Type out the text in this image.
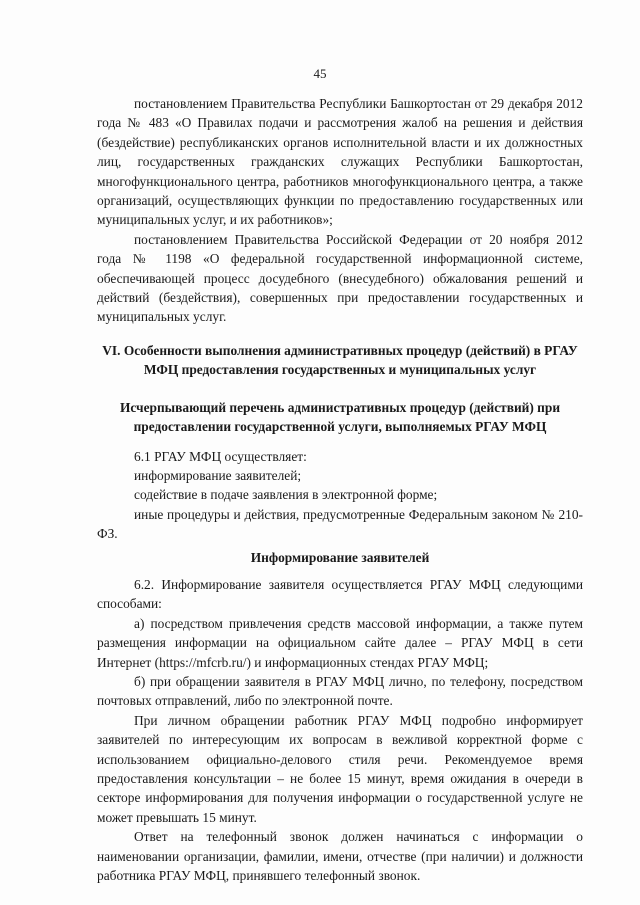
45

постановлением Правительства Республики Башкортостан от 29 декабря 2012 года № 483 «О Правилах подачи и рассмотрения жалоб на решения и действия (бездействие) республиканских органов исполнительной власти и их должностных лиц, государственных гражданских служащих Республики Башкортостан, многофункционального центра, работников многофункционального центра, а также организаций, осуществляющих функции по предоставлению государственных или муниципальных услуг, и их работников»;

постановлением Правительства Российской Федерации от 20 ноября 2012 года № 1198 «О федеральной государственной информационной системе, обеспечивающей процесс досудебного (внесудебного) обжалования решений и действий (бездействия), совершенных при предоставлении государственных и муниципальных услуг.

VI. Особенности выполнения административных процедур (действий) в РГАУ МФЦ предоставления государственных и муниципальных услуг

Исчерпывающий перечень административных процедур (действий) при предоставлении государственной услуги, выполняемых РГАУ МФЦ

6.1 РГАУ МФЦ осуществляет:

информирование заявителей;

содействие в подаче заявления в электронной форме;

иные процедуры и действия, предусмотренные Федеральным законом № 210-ФЗ.

Информирование заявителей

6.2. Информирование заявителя осуществляется РГАУ МФЦ следующими способами:

а) посредством привлечения средств массовой информации, а также путем размещения информации на официальном сайте далее – РГАУ МФЦ в сети Интернет (https://mfcrb.ru/) и информационных стендах РГАУ МФЦ;

б) при обращении заявителя в РГАУ МФЦ лично, по телефону, посредством почтовых отправлений, либо по электронной почте.

При личном обращении работник РГАУ МФЦ подробно информирует заявителей по интересующим их вопросам в вежливой корректной форме с использованием официально-делового стиля речи. Рекомендуемое время предоставления консультации – не более 15 минут, время ожидания в очереди в секторе информирования для получения информации о государственной услуге не может превышать 15 минут.

Ответ на телефонный звонок должен начинаться с информации о наименовании организации, фамилии, имени, отчестве (при наличии) и должности работника РГАУ МФЦ, принявшего телефонный звонок.
